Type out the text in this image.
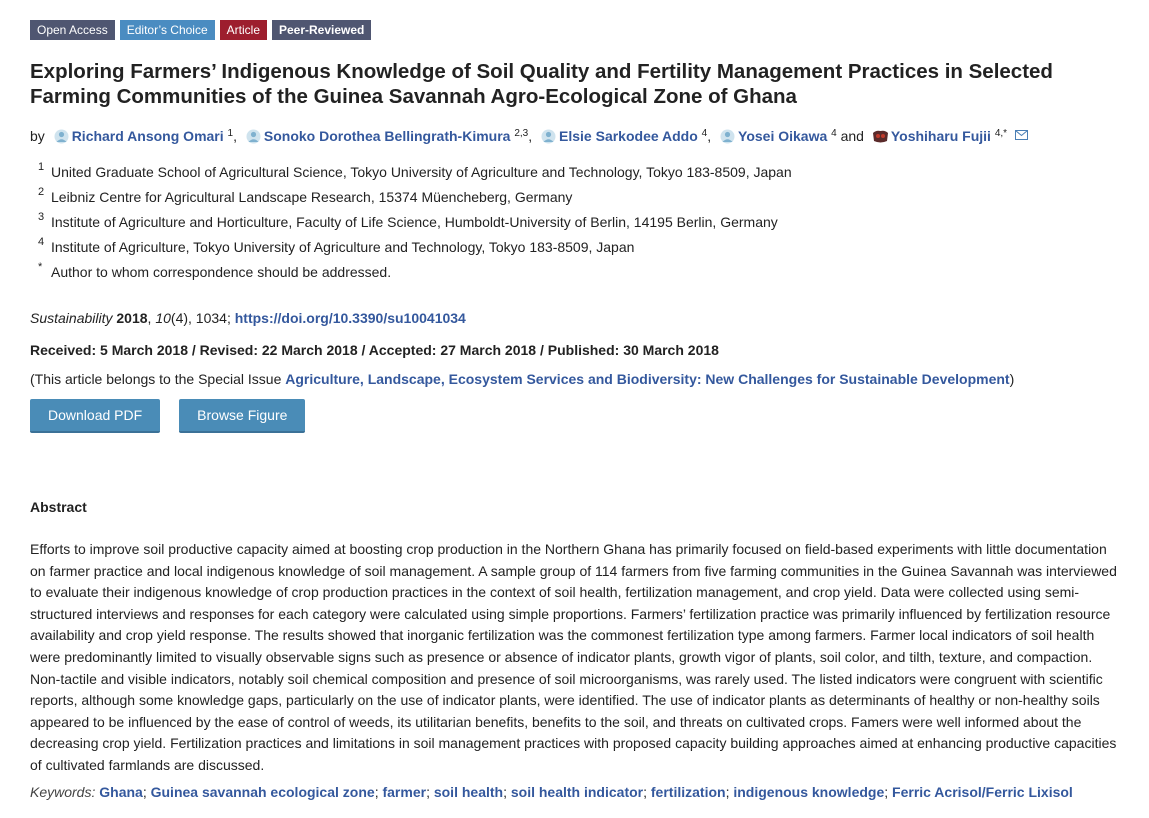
Open Access	Editor’s Choice	Article	Peer-Reviewed
Exploring Farmers’ Indigenous Knowledge of Soil Quality and Fertility Management Practices in Selected Farming Communities of the Guinea Savannah Agro-Ecological Zone of Ghana
by Richard Ansong Omari $^1$, Sonoko Dorothea Bellingrath-Kimura $^{2,3}$, Elsie Sarkodee Addo $^4$, Yosei Oikawa $^4$ and Yoshiharu Fujii $^{4,*}$
1 United Graduate School of Agricultural Science, Tokyo University of Agriculture and Technology, Tokyo 183-8509, Japan
2 Leibniz Centre for Agricultural Landscape Research, 15374 Müencheberg, Germany
3 Institute of Agriculture and Horticulture, Faculty of Life Science, Humboldt-University of Berlin, 14195 Berlin, Germany
4 Institute of Agriculture, Tokyo University of Agriculture and Technology, Tokyo 183-8509, Japan
* Author to whom correspondence should be addressed.
Sustainability 2018, 10(4), 1034; https://doi.org/10.3390/su10041034
Received: 5 March 2018 / Revised: 22 March 2018 / Accepted: 27 March 2018 / Published: 30 March 2018
(This article belongs to the Special Issue Agriculture, Landscape, Ecosystem Services and Biodiversity: New Challenges for Sustainable Development)
Download PDF	Browse Figure
Abstract
Efforts to improve soil productive capacity aimed at boosting crop production in the Northern Ghana has primarily focused on field-based experiments with little documentation on farmer practice and local indigenous knowledge of soil management. A sample group of 114 farmers from five farming communities in the Guinea Savannah was interviewed to evaluate their indigenous knowledge of crop production practices in the context of soil health, fertilization management, and crop yield. Data were collected using semi-structured interviews and responses for each category were calculated using simple proportions. Farmers’ fertilization practice was primarily influenced by fertilization resource availability and crop yield response. The results showed that inorganic fertilization was the commonest fertilization type among farmers. Farmer local indicators of soil health were predominantly limited to visually observable signs such as presence or absence of indicator plants, growth vigor of plants, soil color, and tilth, texture, and compaction. Non-tactile and visible indicators, notably soil chemical composition and presence of soil microorganisms, was rarely used. The listed indicators were congruent with scientific reports, although some knowledge gaps, particularly on the use of indicator plants, were identified. The use of indicator plants as determinants of healthy or non-healthy soils appeared to be influenced by the ease of control of weeds, its utilitarian benefits, benefits to the soil, and threats on cultivated crops. Famers were well informed about the decreasing crop yield. Fertilization practices and limitations in soil management practices with proposed capacity building approaches aimed at enhancing productive capacities of cultivated farmlands are discussed.
Keywords: Ghana; Guinea savannah ecological zone; farmer; soil health; soil health indicator; fertilization; indigenous knowledge; Ferric Acrisol/Ferric Lixisol
